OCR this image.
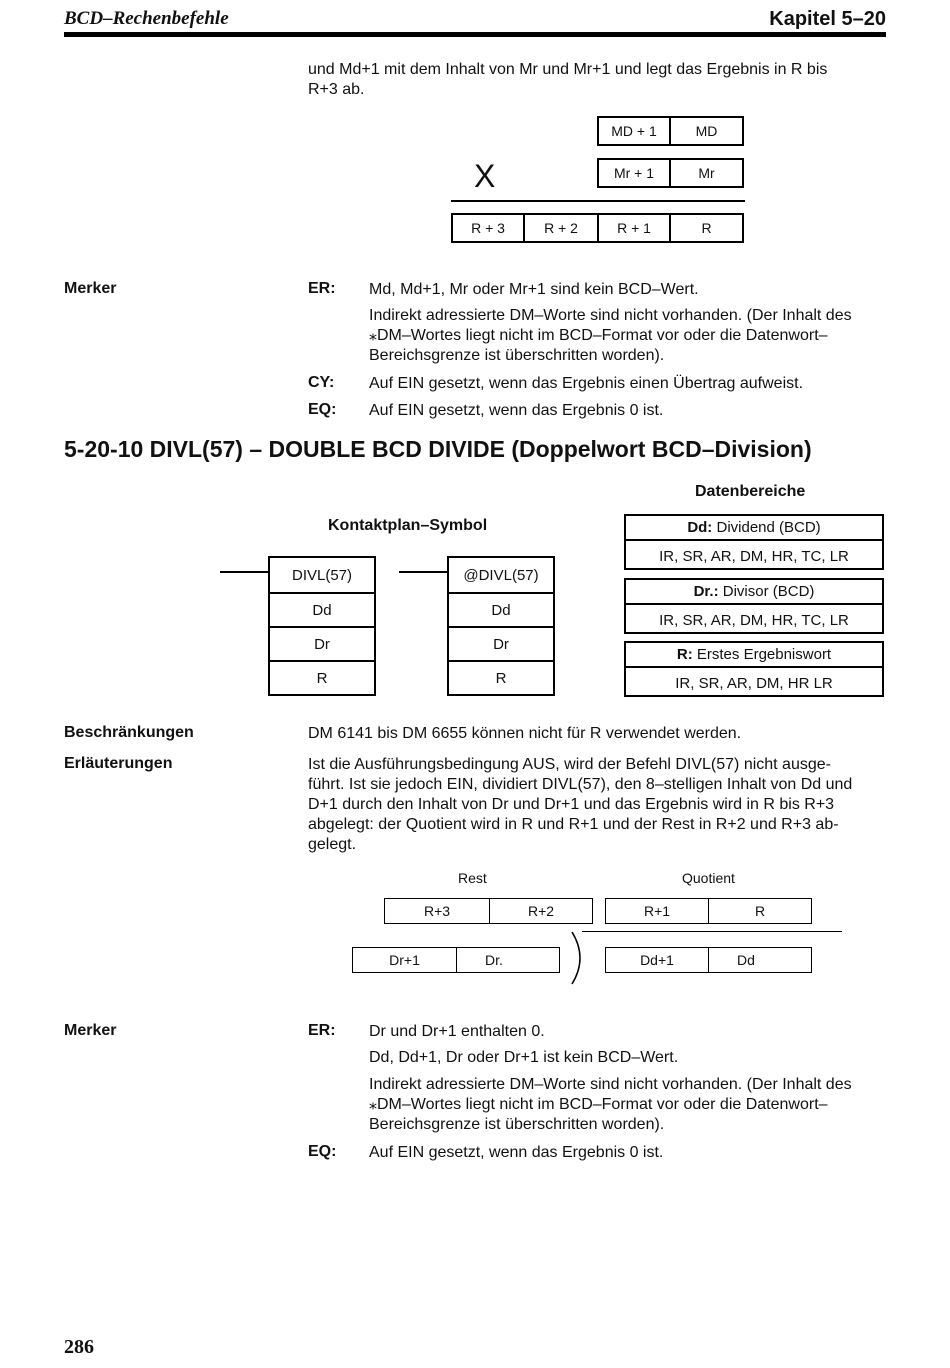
BCD–Rechenbefehle	Kapitel 5–20
und Md+1 mit dem Inhalt von Mr und Mr+1 und legt das Ergebnis in R bis
R+3 ab.
MD + 1	MD
X	Mr + 1	Mr
R + 3	R + 2	R + 1	R
Merker	ER: Md, Md+1, Mr oder Mr+1 sind kein BCD–Wert.
Indirekt adressierte DM–Worte sind nicht vorhanden. (Der Inhalt des
⁎DM–Wortes liegt nicht im BCD–Format vor oder die Datenwort–
Bereichsgrenze ist überschritten worden).
CY: Auf EIN gesetzt, wenn das Ergebnis einen Übertrag aufweist.
EQ: Auf EIN gesetzt, wenn das Ergebnis 0 ist.
5-20-10 DIVL(57) – DOUBLE BCD DIVIDE (Doppelwort BCD–Division)
Kontaktplan–Symbol
DIVL(57)
Dd
Dr
R
@DIVL(57)
Dd
Dr
R
Datenbereiche
Dd: Dividend (BCD)
IR, SR, AR, DM, HR, TC, LR
Dr.: Divisor (BCD)
IR, SR, AR, DM, HR, TC, LR
R: Erstes Ergebniswort
IR, SR, AR, DM, HR LR
Beschränkungen	DM 6141 bis DM 6655 können nicht für R verwendet werden.
Erläuterungen	Ist die Ausführungsbedingung AUS, wird der Befehl DIVL(57) nicht ausge-
führt. Ist sie jedoch EIN, dividiert DIVL(57), den 8–stelligen Inhalt von Dd und
D+1 durch den Inhalt von Dr und Dr+1 und das Ergebnis wird in R bis R+3
abgelegt: der Quotient wird in R und R+1 und der Rest in R+2 und R+3 ab-
gelegt.
Rest	Quotient
R+3	R+2	R+1	R
Dr+1	Dr.	Dd+1	Dd
Merker	ER: Dr und Dr+1 enthalten 0.
Dd, Dd+1, Dr oder Dr+1 ist kein BCD–Wert.
Indirekt adressierte DM–Worte sind nicht vorhanden. (Der Inhalt des
⁎DM–Wortes liegt nicht im BCD–Format vor oder die Datenwort–
Bereichsgrenze ist überschritten worden).
EQ: Auf EIN gesetzt, wenn das Ergebnis 0 ist.
286
